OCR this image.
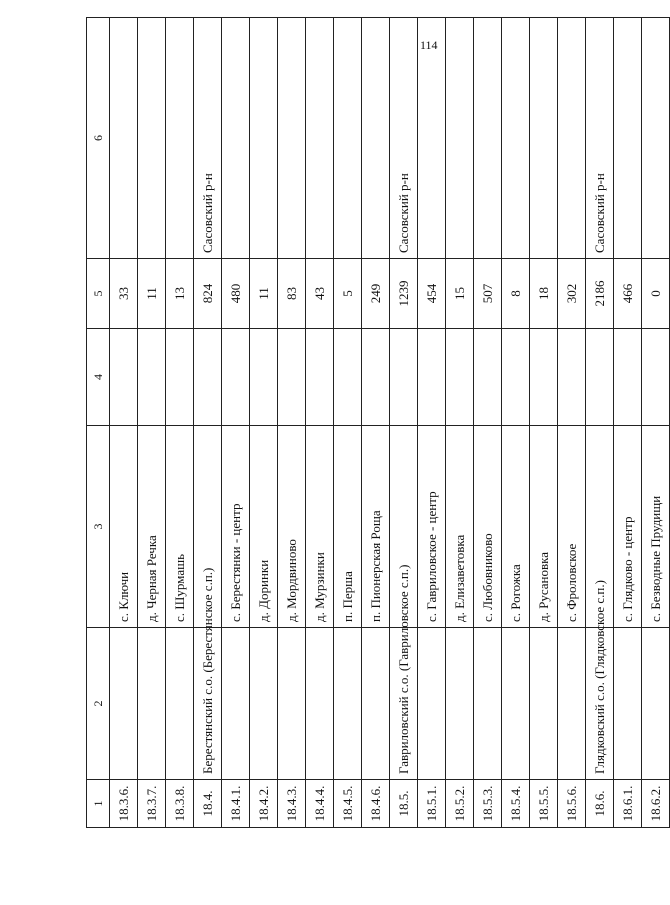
1	2	3	4	5	6
18.3.6.		с. Ключи		33	
18.3.7.		д. Черная Речка		11	
18.3.8.		с. Шурмашь		13	
18.4.	Берестянский с.о. (Берестянское с.п.)			824	Сасовский р-н
18.4.1.		с. Берестянки - центр		480	
18.4.2.		д. Доринки		11	
18.4.3.		д. Мордвиново		83	
18.4.4.		д. Мурзинки		43	
18.4.5.		п. Перша		5	
18.4.6.		п. Пионерская Роща		249	
18.5.	Гавриловский с.о. (Гавриловское с.п.)			1239	Сасовский р-н
18.5.1.		с. Гавриловское - центр		454	
18.5.2.		д. Елизаветовка		15	
18.5.3.		с. Любовниково		507	
18.5.4.		с. Рогожка		8	
18.5.5.		д. Русановка		18	
18.5.6.		с. Фроловское		302	
18.6.	Глядковский с.о. (Глядковское с.п.)			2186	Сасовский р-н
18.6.1.		с. Глядково - центр		466	
18.6.2.		с. Безводные Прудищи		0	
114
